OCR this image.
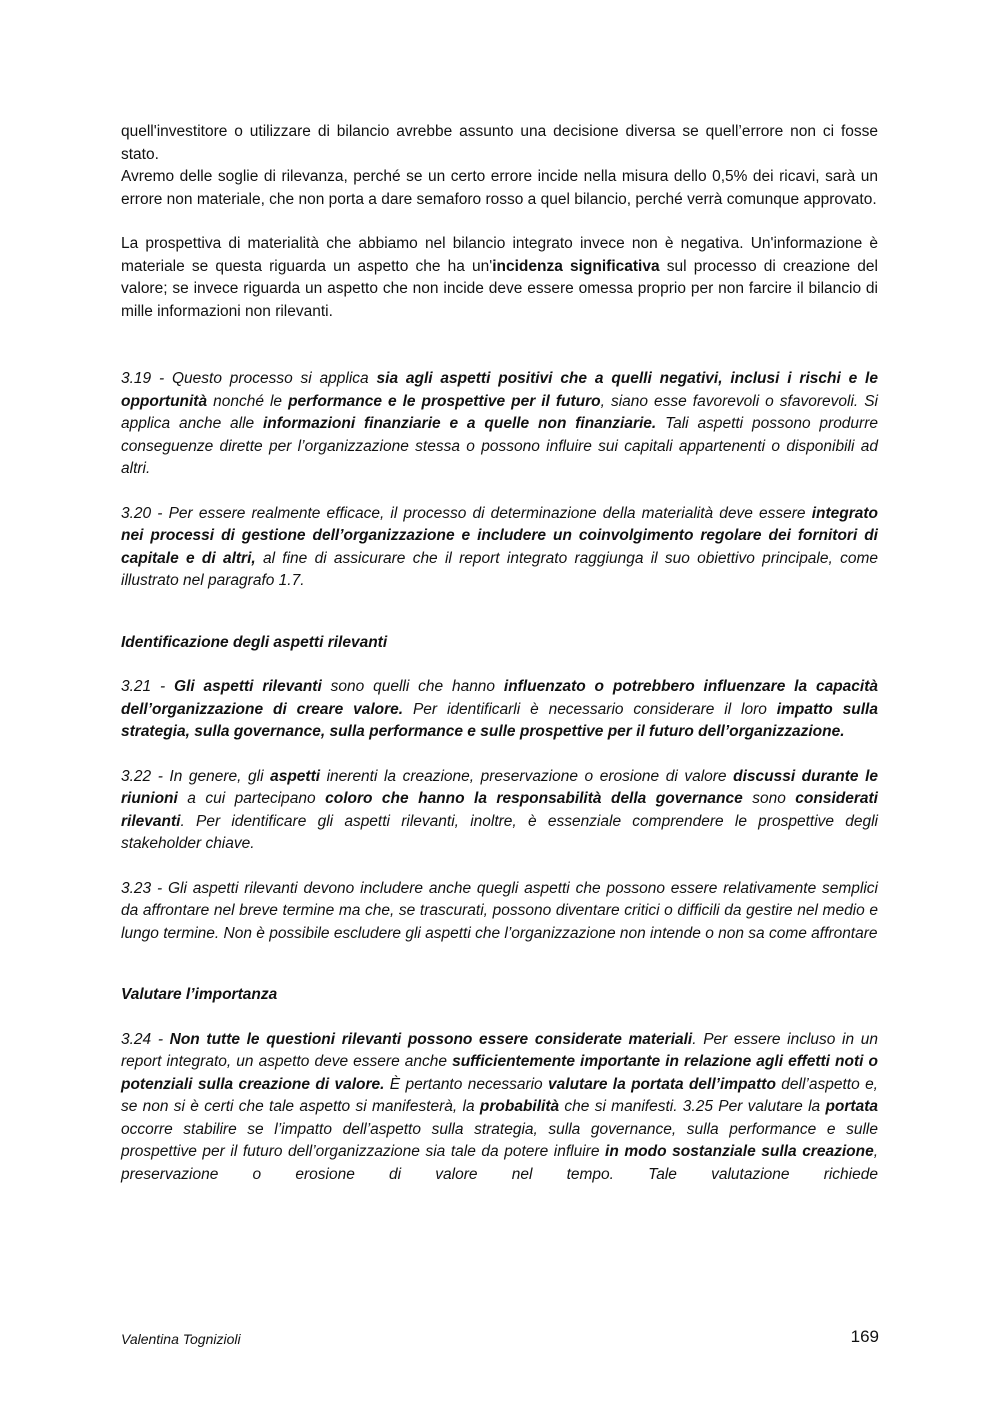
quell'investitore o utilizzare di bilancio avrebbe assunto una decisione diversa se quell’errore non ci fosse stato.

Avremo delle soglie di rilevanza, perché se un certo errore incide nella misura dello 0,5% dei ricavi, sarà un errore non materiale, che non porta a dare semaforo rosso a quel bilancio, perché verrà comunque approvato.

La prospettiva di materialità che abbiamo nel bilancio integrato invece non è negativa. Un'informazione è materiale se questa riguarda un aspetto che ha un'incidenza significativa sul processo di creazione del valore; se invece riguarda un aspetto che non incide deve essere omessa proprio per non farcire il bilancio di mille informazioni non rilevanti.

3.19 - Questo processo si applica sia agli aspetti positivi che a quelli negativi, inclusi i rischi e le opportunità nonché le performance e le prospettive per il futuro, siano esse favorevoli o sfavorevoli. Si applica anche alle informazioni finanziarie e a quelle non finanziarie. Tali aspetti possono produrre conseguenze dirette per l’organizzazione stessa o possono influire sui capitali appartenenti o disponibili ad altri.

3.20 - Per essere realmente efficace, il processo di determinazione della materialità deve essere integrato nei processi di gestione dell’organizzazione e includere un coinvolgimento regolare dei fornitori di capitale e di altri, al fine di assicurare che il report integrato raggiunga il suo obiettivo principale, come illustrato nel paragrafo 1.7.

Identificazione degli aspetti rilevanti

3.21 - Gli aspetti rilevanti sono quelli che hanno influenzato o potrebbero influenzare la capacità dell’organizzazione di creare valore. Per identificarli è necessario considerare il loro impatto sulla strategia, sulla governance, sulla performance e sulle prospettive per il futuro dell’organizzazione.

3.22 - In genere, gli aspetti inerenti la creazione, preservazione o erosione di valore discussi durante le riunioni a cui partecipano coloro che hanno la responsabilità della governance sono considerati rilevanti. Per identificare gli aspetti rilevanti, inoltre, è essenziale comprendere le prospettive degli stakeholder chiave.

3.23 - Gli aspetti rilevanti devono includere anche quegli aspetti che possono essere relativamente semplici da affrontare nel breve termine ma che, se trascurati, possono diventare critici o difficili da gestire nel medio e lungo termine. Non è possibile escludere gli aspetti che l’organizzazione non intende o non sa come affrontare

Valutare l’importanza

3.24 - Non tutte le questioni rilevanti possono essere considerate materiali. Per essere incluso in un report integrato, un aspetto deve essere anche sufficientemente importante in relazione agli effetti noti o potenziali sulla creazione di valore. È pertanto necessario valutare la portata dell’impatto dell’aspetto e, se non si è certi che tale aspetto si manifesterà, la probabilità che si manifesti. 3.25 Per valutare la portata occorre stabilire se l’impatto dell’aspetto sulla strategia, sulla governance, sulla performance e sulle prospettive per il futuro dell’organizzazione sia tale da potere influire in modo sostanziale sulla creazione, preservazione o erosione di valore nel tempo. Tale valutazione richiede

Valentina Tognizioli	169
